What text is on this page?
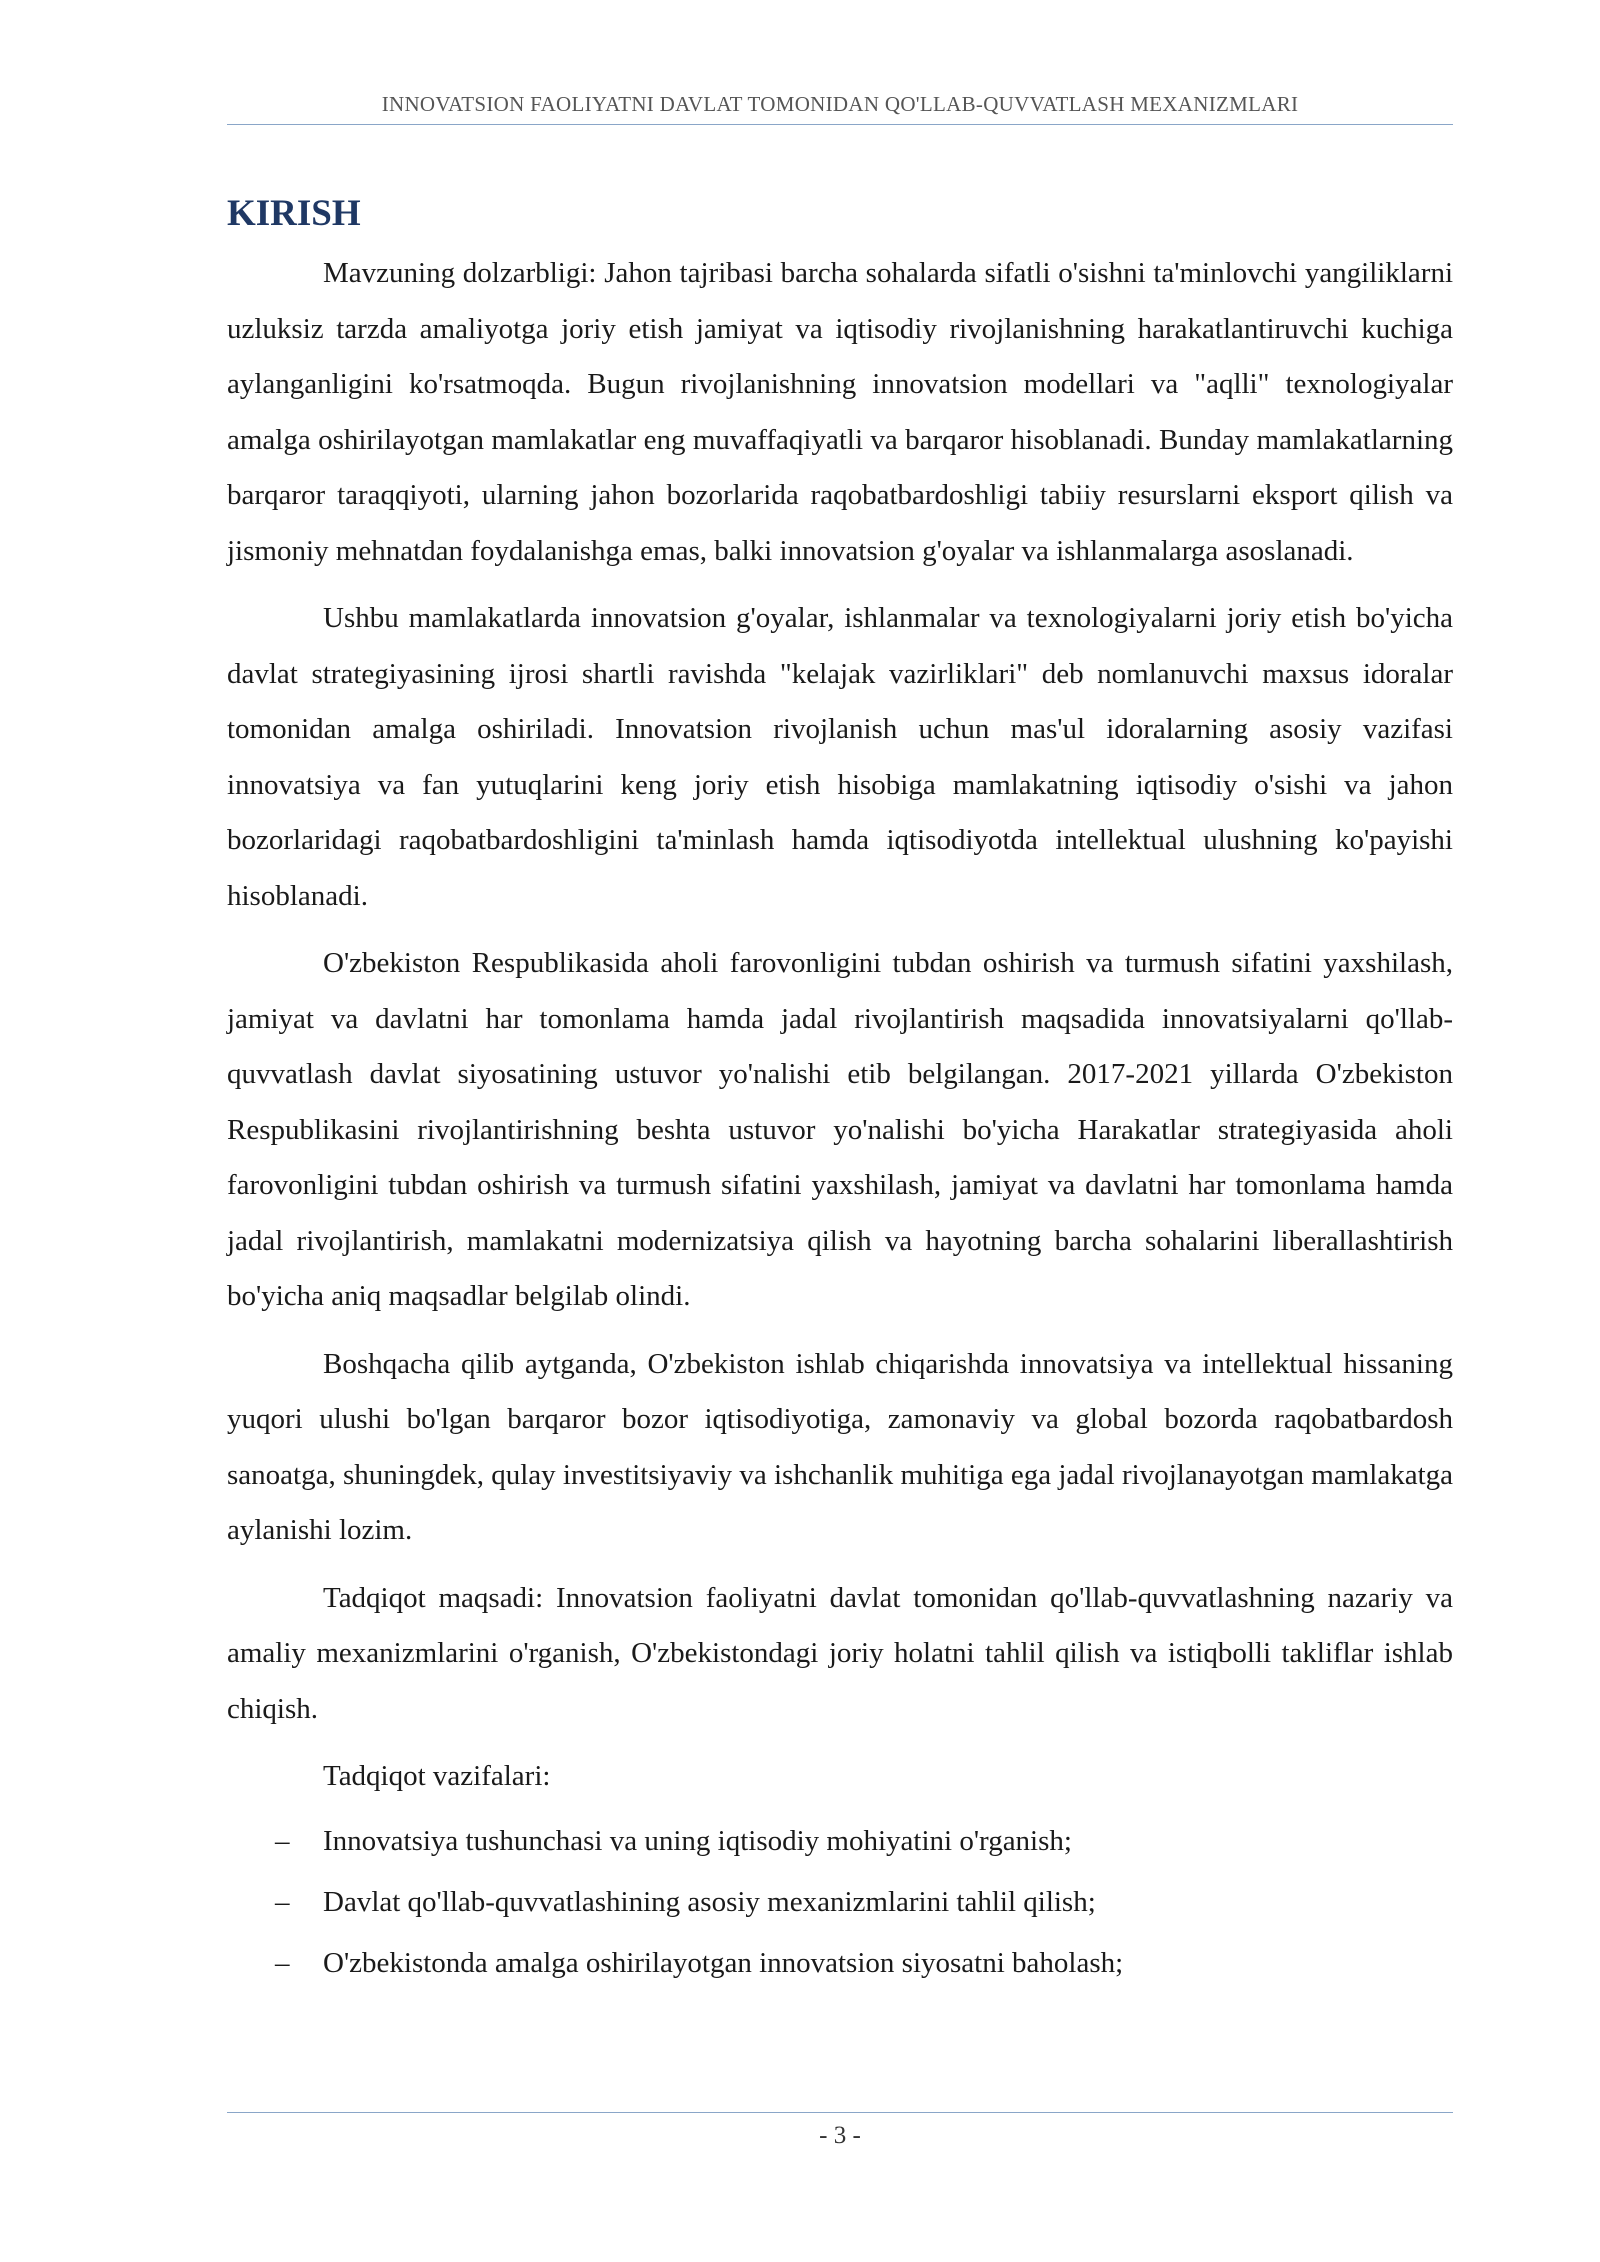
INNOVATSION FAOLIYATNI DAVLAT TOMONIDAN QO'LLAB-QUVVATLASH MEXANIZMLARI
KIRISH

Mavzuning dolzarbligi: Jahon tajribasi barcha sohalarda sifatli o'sishni ta'minlovchi yangiliklarni uzluksiz tarzda amaliyotga joriy etish jamiyat va iqtisodiy rivojlanishning harakatlantiruvchi kuchiga aylanganligini ko'rsatmoqda. Bugun rivojlanishning innovatsion modellari va "aqlli" texnologiyalar amalga oshirilayotgan mamlakatlar eng muvaffaqiyatli va barqaror hisoblanadi. Bunday mamlakatlarning barqaror taraqqiyoti, ularning jahon bozorlarida raqobatbardoshligi tabiiy resurslarni eksport qilish va jismoniy mehnatdan foydalanishga emas, balki innovatsion g'oyalar va ishlanmalarga asoslanadi.

Ushbu mamlakatlarda innovatsion g'oyalar, ishlanmalar va texnologiyalarni joriy etish bo'yicha davlat strategiyasining ijrosi shartli ravishda "kelajak vazirliklari" deb nomlanuvchi maxsus idoralar tomonidan amalga oshiriladi. Innovatsion rivojlanish uchun mas'ul idoralarning asosiy vazifasi innovatsiya va fan yutuqlarini keng joriy etish hisobiga mamlakatning iqtisodiy o'sishi va jahon bozorlaridagi raqobatbardoshligini ta'minlash hamda iqtisodiyotda intellektual ulushning ko'payishi hisoblanadi.

O'zbekiston Respublikasida aholi farovonligini tubdan oshirish va turmush sifatini yaxshilash, jamiyat va davlatni har tomonlama hamda jadal rivojlantirish maqsadida innovatsiyalarni qo'llab-quvvatlash davlat siyosatining ustuvor yo'nalishi etib belgilangan. 2017-2021 yillarda O'zbekiston Respublikasini rivojlantirishning beshta ustuvor yo'nalishi bo'yicha Harakatlar strategiyasida aholi farovonligini tubdan oshirish va turmush sifatini yaxshilash, jamiyat va davlatni har tomonlama hamda jadal rivojlantirish, mamlakatni modernizatsiya qilish va hayotning barcha sohalarini liberallashtirish bo'yicha aniq maqsadlar belgilab olindi.

Boshqacha qilib aytganda, O'zbekiston ishlab chiqarishda innovatsiya va intellektual hissaning yuqori ulushi bo'lgan barqaror bozor iqtisodiyotiga, zamonaviy va global bozorda raqobatbardosh sanoatga, shuningdek, qulay investitsiyaviy va ishchanlik muhitiga ega jadal rivojlanayotgan mamlakatga aylanishi lozim.

Tadqiqot maqsadi: Innovatsion faoliyatni davlat tomonidan qo'llab-quvvatlashning nazariy va amaliy mexanizmlarini o'rganish, O'zbekistondagi joriy holatni tahlil qilish va istiqbolli takliflar ishlab chiqish.

Tadqiqot vazifalari:

– Innovatsiya tushunchasi va uning iqtisodiy mohiyatini o'rganish;
– Davlat qo'llab-quvvatlashining asosiy mexanizmlarini tahlil qilish;
– O'zbekistonda amalga oshirilayotgan innovatsion siyosatni baholash;
- 3 -
